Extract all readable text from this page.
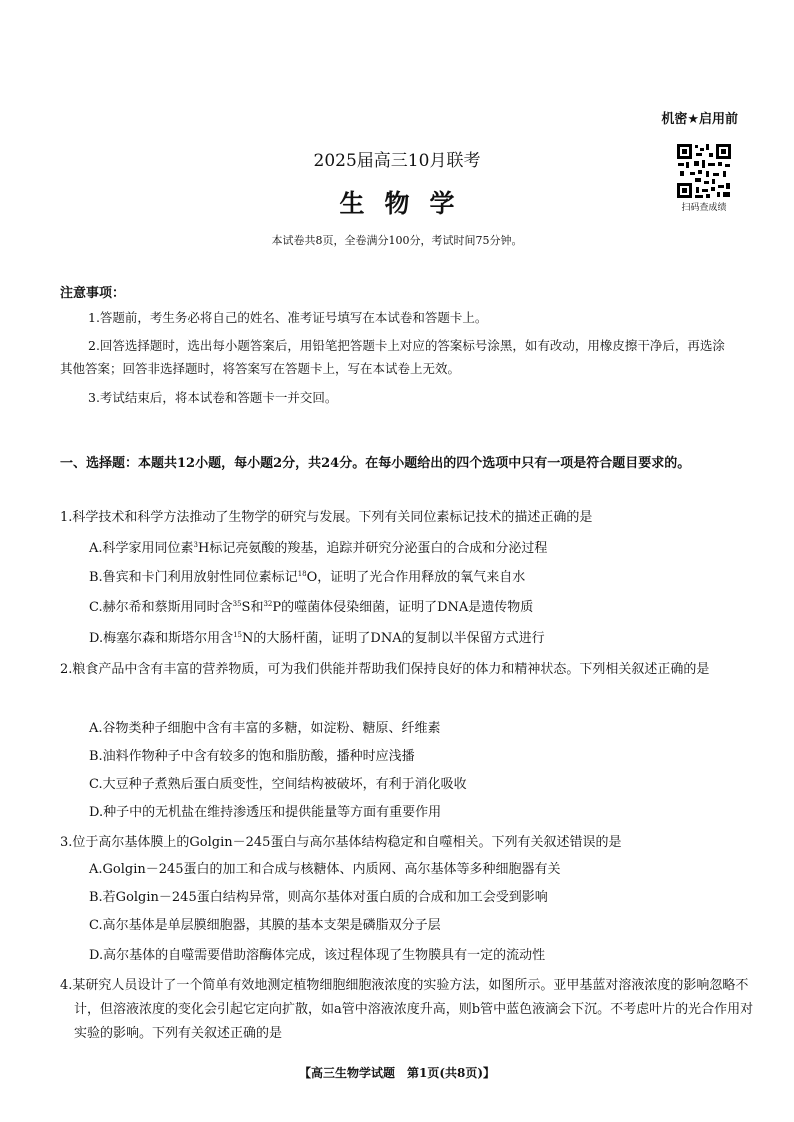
机密★启用前
2025届高三10月联考
生物学
本试卷共8页，全卷满分100分，考试时间75分钟。
扫码查成绩
注意事项：
1.答题前，考生务必将自己的姓名、准考证号填写在本试卷和答题卡上。
2.回答选择题时，选出每小题答案后，用铅笔把答题卡上对应的答案标号涂黑，如有改动，用橡皮擦干净后，再选涂其他答案；回答非选择题时，将答案写在答题卡上，写在本试卷上无效。
3.考试结束后，将本试卷和答题卡一并交回。
一、选择题：本题共12小题，每小题2分，共24分。在每小题给出的四个选项中只有一项是符合题目要求的。
1.科学技术和科学方法推动了生物学的研究与发展。下列有关同位素标记技术的描述正确的是
A.科学家用同位素$^3$H标记亮氨酸的羧基，追踪并研究分泌蛋白的合成和分泌过程
B.鲁宾和卡门利用放射性同位素标记$^{18}$O，证明了光合作用释放的氧气来自水
C.赫尔希和蔡斯用同时含$^{35}$S和$^{32}$P的噬菌体侵染细菌，证明了DNA是遗传物质
D.梅塞尔森和斯塔尔用含$^{15}$N的大肠杆菌，证明了DNA的复制以半保留方式进行
2.粮食产品中含有丰富的营养物质，可为我们供能并帮助我们保持良好的体力和精神状态。下列相关叙述正确的是
A.谷物类种子细胞中含有丰富的多糖，如淀粉、糖原、纤维素
B.油料作物种子中含有较多的饱和脂肪酸，播种时应浅播
C.大豆种子煮熟后蛋白质变性，空间结构被破坏，有利于消化吸收
D.种子中的无机盐在维持渗透压和提供能量等方面有重要作用
3.位于高尔基体膜上的Golgin－245蛋白与高尔基体结构稳定和自噬相关。下列有关叙述错误的是
A.Golgin－245蛋白的加工和合成与核糖体、内质网、高尔基体等多种细胞器有关
B.若Golgin－245蛋白结构异常，则高尔基体对蛋白质的合成和加工会受到影响
C.高尔基体是单层膜细胞器，其膜的基本支架是磷脂双分子层
D.高尔基体的自噬需要借助溶酶体完成，该过程体现了生物膜具有一定的流动性
4.某研究人员设计了一个简单有效地测定植物细胞细胞液浓度的实验方法，如图所示。亚甲基蓝对溶液浓度的影响忽略不计，但溶液浓度的变化会引起它定向扩散，如a管中溶液浓度升高，则b管中蓝色液滴会下沉。不考虑叶片的光合作用对实验的影响。下列有关叙述正确的是
【高三生物学试题　第1页(共8页)】
